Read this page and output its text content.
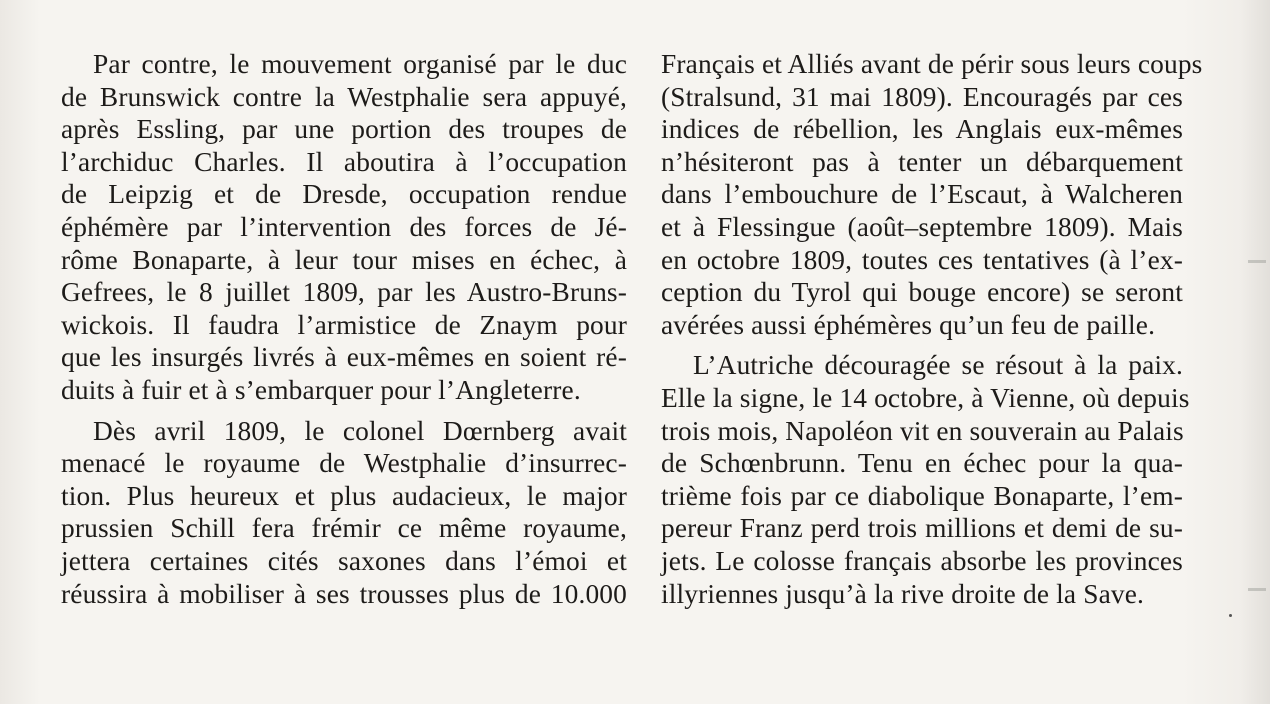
Par contre, le mouvement organisé par le duc
de Brunswick contre la Westphalie sera appuyé,
après Essling, par une portion des troupes de
l’archiduc Charles. Il aboutira à l’occupation
de Leipzig et de Dresde, occupation rendue
éphémère par l’intervention des forces de Jé-
rôme Bonaparte, à leur tour mises en échec, à
Gefrees, le 8 juillet 1809, par les Austro-Bruns-
wickois. Il faudra l’armistice de Znaym pour
que les insurgés livrés à eux-mêmes en soient ré-
duits à fuir et à s’embarquer pour l’Angleterre.
Dès avril 1809, le colonel Dœrnberg avait
menacé le royaume de Westphalie d’insurrec-
tion. Plus heureux et plus audacieux, le major
prussien Schill fera frémir ce même royaume,
jettera certaines cités saxones dans l’émoi et
réussira à mobiliser à ses trousses plus de 10.000
Français et Alliés avant de périr sous leurs coups
(Stralsund, 31 mai 1809). Encouragés par ces
indices de rébellion, les Anglais eux-mêmes
n’hésiteront pas à tenter un débarquement
dans l’embouchure de l’Escaut, à Walcheren
et à Flessingue (août–septembre 1809). Mais
en octobre 1809, toutes ces tentatives (à l’ex-
ception du Tyrol qui bouge encore) se seront
avérées aussi éphémères qu’un feu de paille.
L’Autriche découragée se résout à la paix.
Elle la signe, le 14 octobre, à Vienne, où depuis
trois mois, Napoléon vit en souverain au Palais
de Schœnbrunn. Tenu en échec pour la qua-
trième fois par ce diabolique Bonaparte, l’em-
pereur Franz perd trois millions et demi de su-
jets. Le colosse français absorbe les provinces
illyriennes jusqu’à la rive droite de la Save.
